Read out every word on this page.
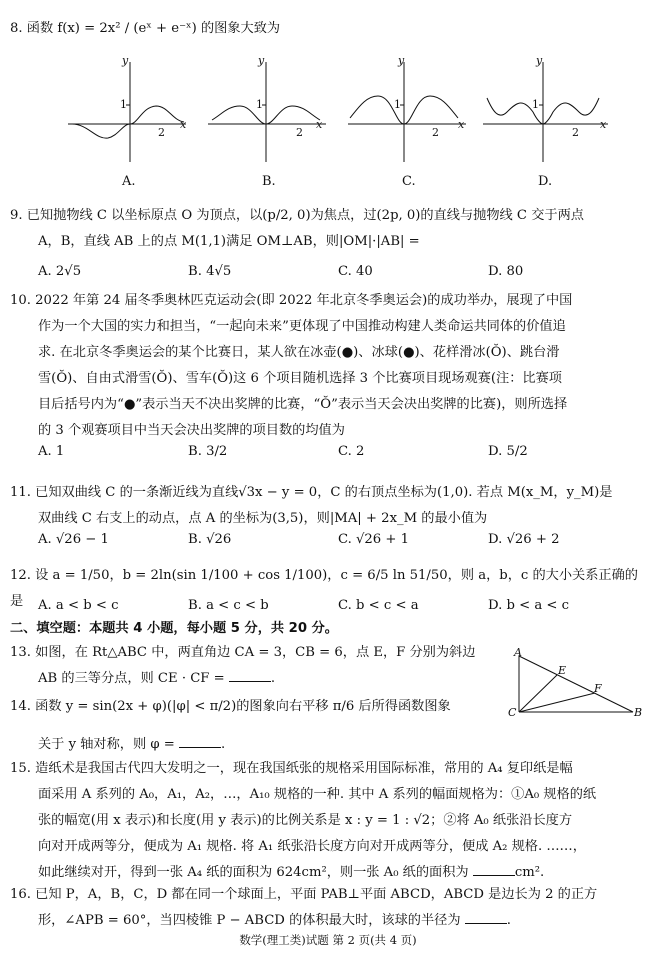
8. 函数 f(x) = 2x² / (eˣ + e⁻ˣ) 的图象大致为
y
1
2
x
y
1
2
x
y
1
2
x
y
1
2
x
A.	B.	C.	D.
9. 已知抛物线 C 以坐标原点 O 为顶点，以(p/2, 0)为焦点，过(2p, 0)的直线与抛物线 C 交于两点
A，B，直线 AB 上的点 M(1,1)满足 OM⊥AB，则|OM|·|AB| =
A. 2√5	B. 4√5	C. 40	D. 80
10. 2022 年第 24 届冬季奥林匹克运动会(即 2022 年北京冬季奥运会)的成功举办，展现了中国
作为一个大国的实力和担当，“一起向未来”更体现了中国推动构建人类命运共同体的价值追
求. 在北京冬季奥运会的某个比赛日，某人欲在冰壶(●)、冰球(●)、花样滑冰(Ŏ)、跳台滑
雪(Ŏ)、自由式滑雪(Ŏ)、雪车(Ŏ)这 6 个项目随机选择 3 个比赛项目现场观赛(注：比赛项
目后括号内为“●”表示当天不决出奖牌的比赛，“Ŏ”表示当天会决出奖牌的比赛)，则所选择
的 3 个观赛项目中当天会决出奖牌的项目数的均值为
A. 1	B. 3/2	C. 2	D. 5/2
11. 已知双曲线 C 的一条渐近线为直线√3x − y = 0，C 的右顶点坐标为(1,0). 若点 M(x_M，y_M)是
双曲线 C 右支上的动点，点 A 的坐标为(3,5)，则|MA| + 2x_M 的最小值为
A. √26 − 1	B. √26	C. √26 + 1	D. √26 + 2
12. 设 a = 1/50，b = 2ln(sin 1/100 + cos 1/100)，c = 6/5 ln 51/50，则 a，b，c 的大小关系正确的是	A. a < b < c	B. a < c < b	C. b < c < a	D. b < a < c
二、填空题：本题共 4 小题，每小题 5 分，共 20 分。
13. 如图，在 Rt△ABC 中，两直角边 CA = 3，CB = 6，点 E，F 分别为斜边
AB 的三等分点，则 CE · CF =	.
A
E
F
C	B
14. 函数 y = sin(2x + φ)(|φ| < π/2)的图象向右平移 π/6 后所得函数图象
关于 y 轴对称，则 φ =	.
15. 造纸术是我国古代四大发明之一，现在我国纸张的规格采用国际标准，常用的 A₄ 复印纸是幅
面采用 A 系列的 A₀，A₁，A₂，…，A₁₀ 规格的一种. 其中 A 系列的幅面规格为：①A₀ 规格的纸
张的幅宽(用 x 表示)和长度(用 y 表示)的比例关系是 x : y = 1 : √2；②将 A₀ 纸张沿长度方
向对开成两等分，便成为 A₁ 规格. 将 A₁ 纸张沿长度方向对开成两等分，便成 A₂ 规格. ……，
如此继续对开，得到一张 A₄ 纸的面积为 624cm²，则一张 A₀ 纸的面积为	cm².
16. 已知 P，A，B，C，D 都在同一个球面上，平面 PAB⊥平面 ABCD，ABCD 是边长为 2 的正方
形，∠APB = 60°，当四棱锥 P − ABCD 的体积最大时，该球的半径为	.
数学(理工类)试题 第 2 页(共 4 页)
